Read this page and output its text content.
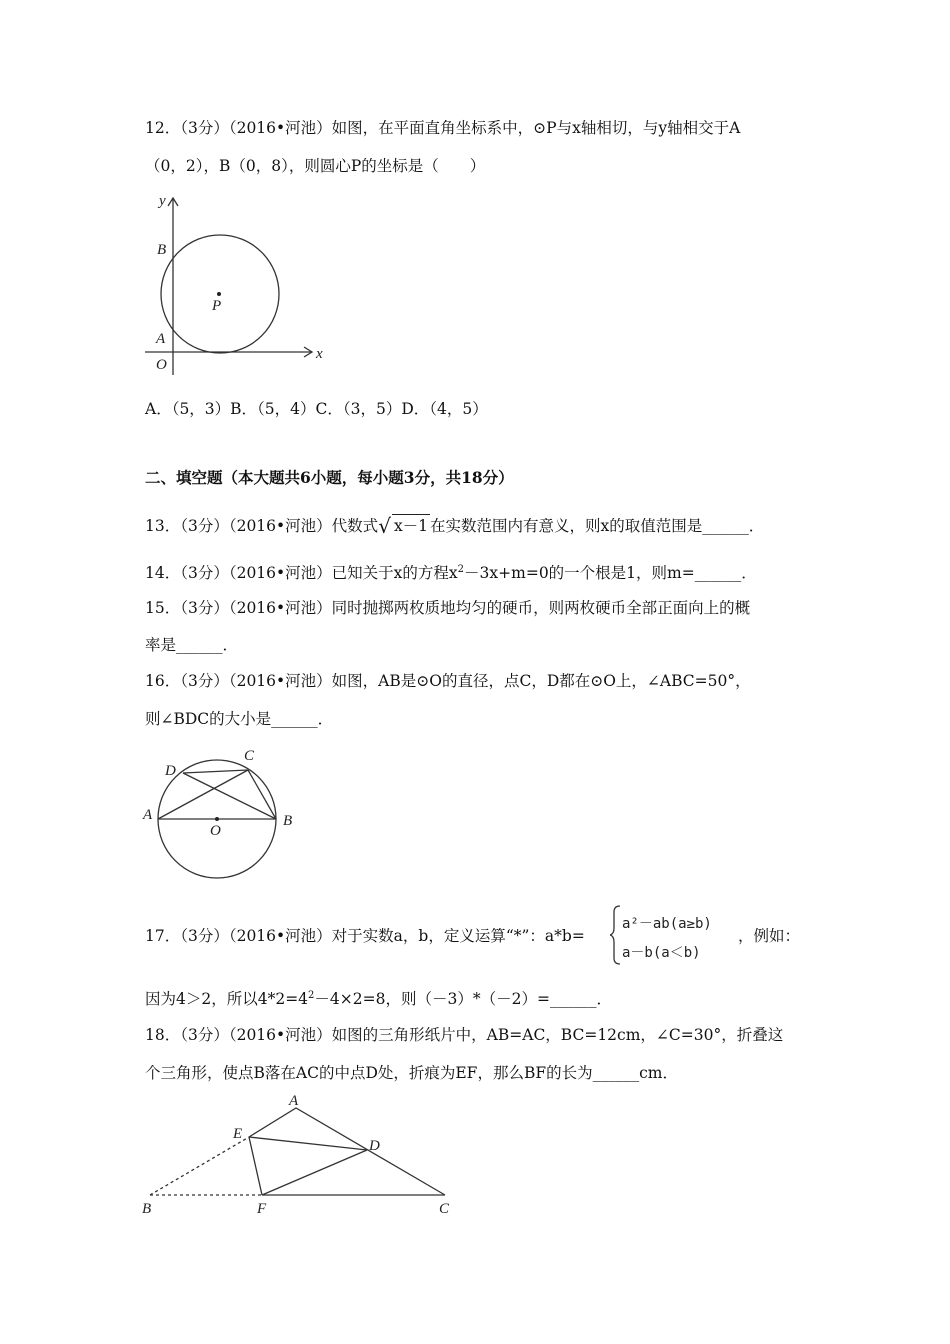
12．（3分）（2016•河池）如图，在平面直角坐标系中，⊙P与x轴相切，与y轴相交于A
（0，2），B（0，8），则圆心P的坐标是（　　）
y
x
B
P
A
O
A．（5，3）B．（5，4）C．（3，5）D．（4，5）
二、填空题（本大题共6小题，每小题3分，共18分）
13．（3分）（2016•河池）代数式√ x－1 在实数范围内有意义，则x的取值范围是______．
14．（3分）（2016•河池）已知关于x的方程$x^2-3x+m=0$的一个根是1，则m=______．
15．（3分）（2016•河池）同时抛掷两枚质地均匀的硬币，则两枚硬币全部正面向上的概
率是______．
16．（3分）（2016•河池）如图，AB是⊙O的直径，点C，D都在⊙O上，∠ABC=50°，
则∠BDC的大小是______．
C
D
A
O
B
17．（3分）（2016•河池）对于实数a，b，定义运算“*”：a*b=
a²－ab(a≥b)
a－b(a＜b)
，例如：
因为4＞2，所以$4*2=4^2-4\times 2=8$，则（－3）*（－2）=______．
18．（3分）（2016•河池）如图的三角形纸片中，AB=AC，BC=12cm，∠C=30°，折叠这
个三角形，使点B落在AC的中点D处，折痕为EF，那么BF的长为______cm．
A
E
D
B	F	C
